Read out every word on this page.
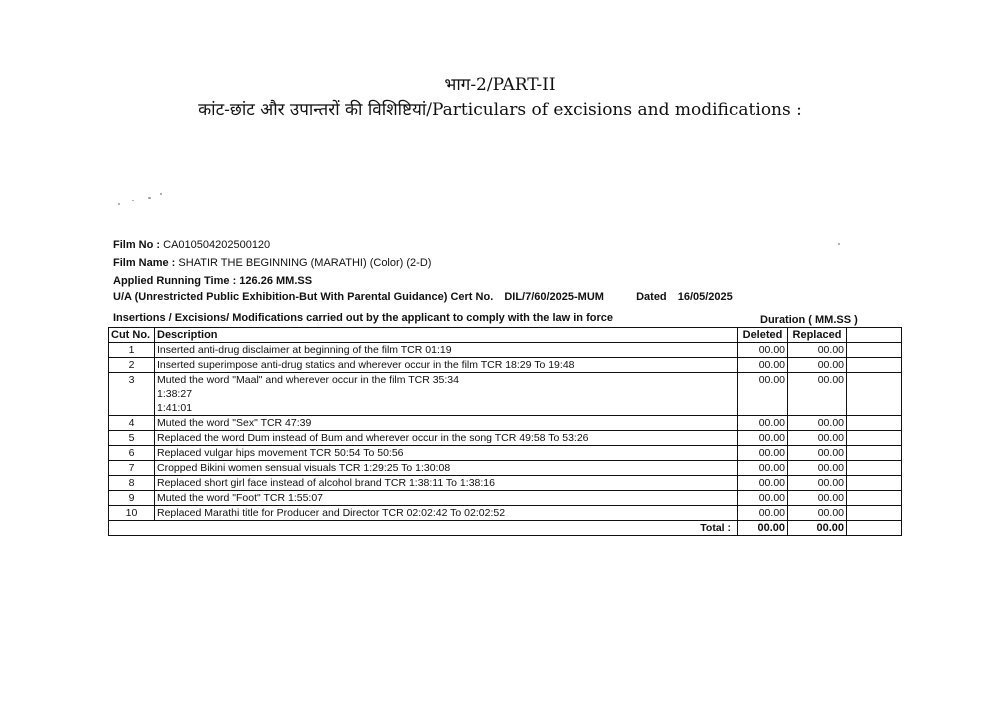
भाग-2/PART-II
कांट-छांट और उपान्तरों की विशिष्टियां/Particulars of excisions and modifications :
Film No : CA010504202500120
Film Name : SHATIR THE BEGINNING (MARATHI) (Color) (2-D)
Applied Running Time : 126.26 MM.SS
U/A (Unrestricted Public Exhibition-But With Parental Guidance) Cert No. DIL/7/60/2025-MUM	Dated 16/05/2025
Insertions / Excisions/ Modifications carried out by the applicant to comply with the law in force	Duration ( MM.SS )
Cut No.	Description	Deleted	Replaced	
1	Inserted anti-drug disclaimer at beginning of the film TCR 01:19	00.00	00.00	
2	Inserted superimpose anti-drug statics and wherever occur in the film TCR 18:29 To 19:48	00.00	00.00	
3	Muted the word "Maal" and wherever occur in the film TCR 35:34
1:38:27
1:41:01	00.00	00.00	
4	Muted the word "Sex" TCR 47:39	00.00	00.00	
5	Replaced the word Dum instead of Bum and wherever occur in the song TCR 49:58 To 53:26	00.00	00.00	
6	Replaced vulgar hips movement TCR 50:54 To 50:56	00.00	00.00	
7	Cropped Bikini women sensual visuals TCR 1:29:25 To 1:30:08	00.00	00.00	
8	Replaced short girl face instead of alcohol brand TCR 1:38:11 To 1:38:16	00.00	00.00	
9	Muted the word "Foot" TCR 1:55:07	00.00	00.00	
10	Replaced Marathi title for Producer and Director TCR 02:02:42 To 02:02:52	00.00	00.00	
Total :		00.00	00.00	
